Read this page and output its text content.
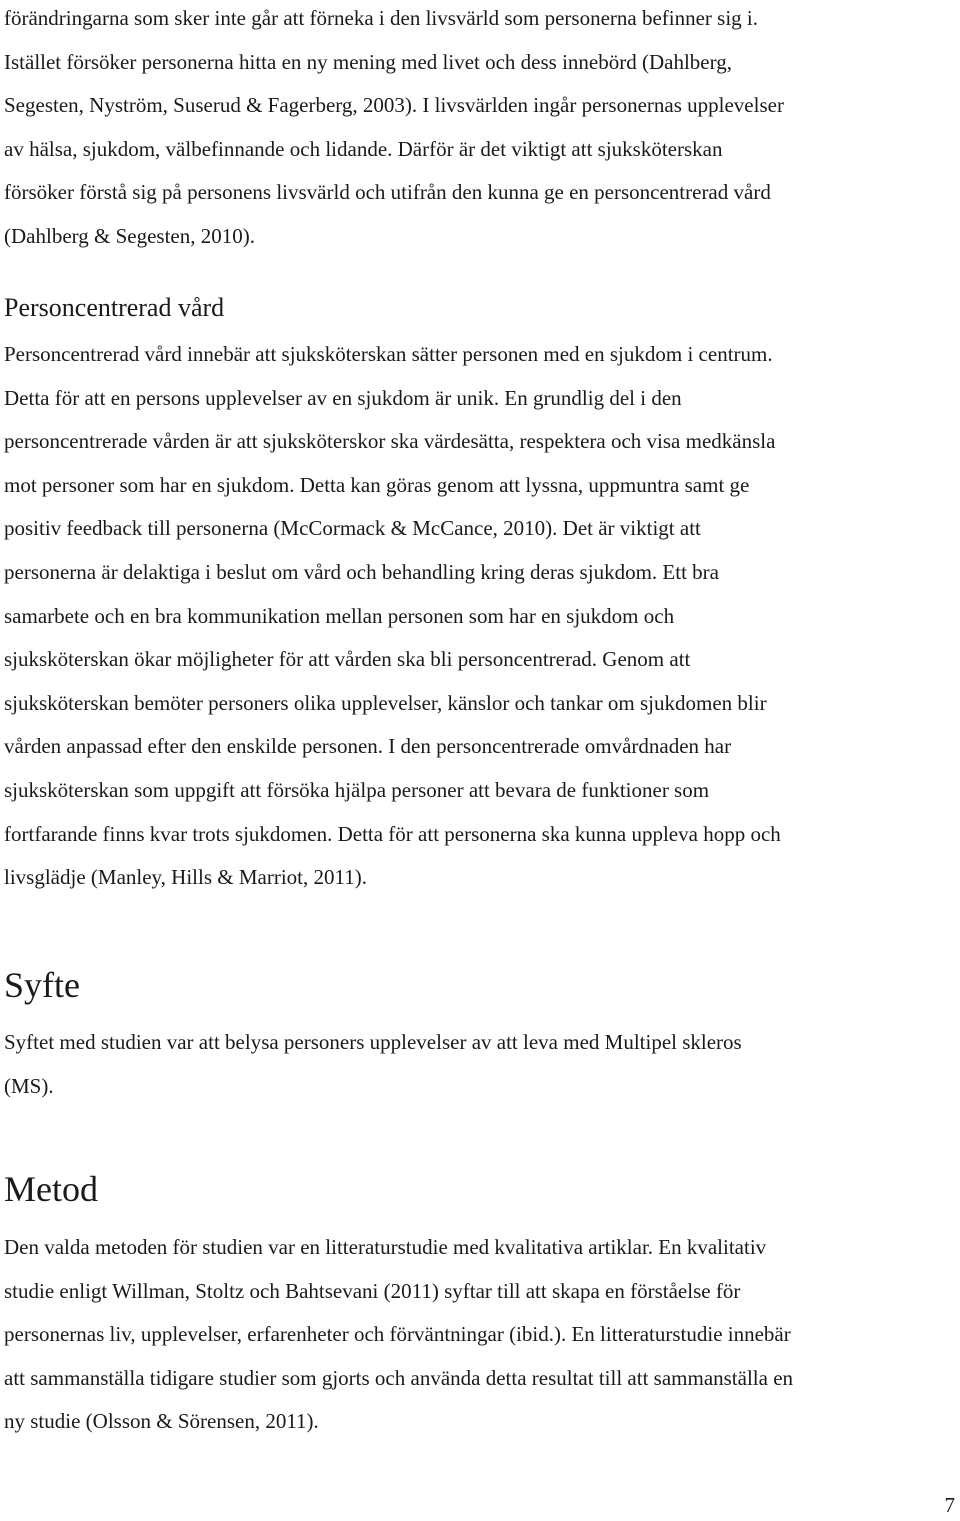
förändringarna som sker inte går att förneka i den livsvärld som personerna befinner sig i.
Istället försöker personerna hitta en ny mening med livet och dess innebörd (Dahlberg,
Segesten, Nyström, Suserud & Fagerberg, 2003). I livsvärlden ingår personernas upplevelser
av hälsa, sjukdom, välbefinnande och lidande. Därför är det viktigt att sjuksköterskan
försöker förstå sig på personens livsvärld och utifrån den kunna ge en personcentrerad vård
(Dahlberg & Segesten, 2010).

Personcentrerad vård

Personcentrerad vård innebär att sjuksköterskan sätter personen med en sjukdom i centrum.
Detta för att en persons upplevelser av en sjukdom är unik. En grundlig del i den
personcentrerade vården är att sjuksköterskor ska värdesätta, respektera och visa medkänsla
mot personer som har en sjukdom. Detta kan göras genom att lyssna, uppmuntra samt ge
positiv feedback till personerna (McCormack & McCance, 2010). Det är viktigt att
personerna är delaktiga i beslut om vård och behandling kring deras sjukdom. Ett bra
samarbete och en bra kommunikation mellan personen som har en sjukdom och
sjuksköterskan ökar möjligheter för att vården ska bli personcentrerad. Genom att
sjuksköterskan bemöter personers olika upplevelser, känslor och tankar om sjukdomen blir
vården anpassad efter den enskilde personen. I den personcentrerade omvårdnaden har
sjuksköterskan som uppgift att försöka hjälpa personer att bevara de funktioner som
fortfarande finns kvar trots sjukdomen. Detta för att personerna ska kunna uppleva hopp och
livsglädje (Manley, Hills & Marriot, 2011).

Syfte

Syftet med studien var att belysa personers upplevelser av att leva med Multipel skleros
(MS).

Metod

Den valda metoden för studien var en litteraturstudie med kvalitativa artiklar. En kvalitativ
studie enligt Willman, Stoltz och Bahtsevani (2011) syftar till att skapa en förståelse för
personernas liv, upplevelser, erfarenheter och förväntningar (ibid.). En litteraturstudie innebär
att sammanställa tidigare studier som gjorts och använda detta resultat till att sammanställa en
ny studie (Olsson & Sörensen, 2011).

7
